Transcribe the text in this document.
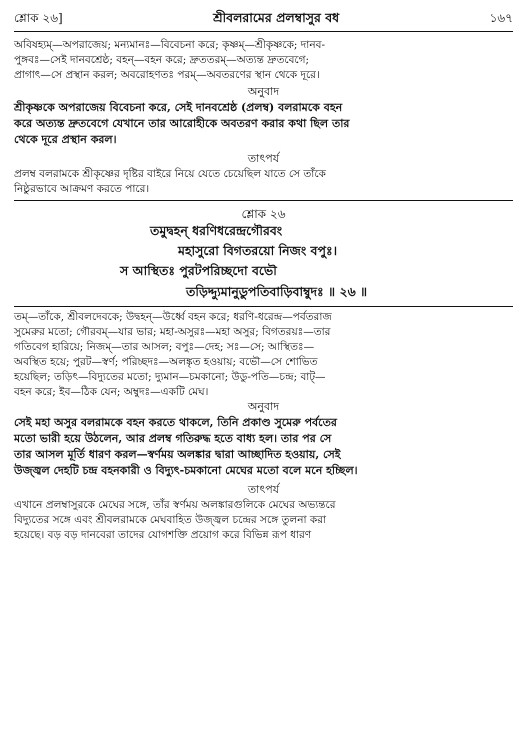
শ্লোক ২৬]	শ্রীবলরামের প্রলম্বাসুর বধ	১৬৭
অবিষহ্যম্—অপরাজেয়; মন্যমানঃ—বিবেচনা করে; কৃষ্ণম্—শ্রীকৃষ্ণকে; দানব-
পুঙ্গবঃ—সেই দানবশ্রেষ্ঠ; বহন্—বহন করে; দ্রুততরম্—অত্যন্ত দ্রুতবেগে;
প্রাগাৎ—সে প্রস্থান করল; অবরোহণতঃ পরম্—অবতরণের স্থান থেকে দূরে।
অনুবাদ
শ্রীকৃষ্ণকে অপরাজেয় বিবেচনা করে, সেই দানবশ্রেষ্ঠ (প্রলম্ব) বলরামকে বহন
করে অত্যন্ত দ্রুতবেগে যেখানে তার আরোহীকে অবতরণ করার কথা ছিল তার
থেকে দূরে প্রস্থান করল।
তাৎপর্য
প্রলম্ব বলরামকে শ্রীকৃষ্ণের দৃষ্টির বাইরে নিয়ে যেতে চেয়েছিল যাতে সে তাঁকে
নিষ্ঠুরভাবে আক্রমণ করতে পারে।
শ্লোক ২৬
তমুদ্বহন্ ধরণিধরেন্দ্রগৌরবং
মহাসুরো বিগতরয়ো নিজং বপুঃ।
স আস্থিতঃ পুরটপরিচ্ছদো বভৌ
তড়িদ্দ্যুমানুডুপতিবাড়িবাম্বুদঃ ॥ ২৬ ॥
তম্—তাঁকে, শ্রীবলদেবকে; উদ্বহন্—উর্ধ্বে বহন করে; ধরণি-ধরেন্দ্র—পর্বতরাজ
সুমেরুর মতো; গৌরবম্—যার ভার; মহা-অসুরঃ—মহা অসুর; বিগতরয়ঃ—তার
গতিবেগ হারিয়ে; নিজম্—তার আসল; বপুঃ—দেহ; সঃ—সে; আস্থিতঃ—
অবস্থিত হয়ে; পুরট—স্বর্ণ; পরিচ্ছদঃ—অলঙ্কৃত হওয়ায়; বভৌ—সে শোভিত
হয়েছিল; তড়িৎ—বিদ্যুতের মতো; দ্যুমান—চমকানো; উডু-পতি—চন্দ্র; বাট্—
বহন করে; ইব—ঠিক যেন; অম্বুদঃ—একটি মেঘ।
অনুবাদ
সেই মহা অসুর বলরামকে বহন করতে থাকলে, তিনি প্রকাণ্ড সুমেরু পর্বতের
মতো ভারী হয়ে উঠলেন, আর প্রলম্ব গতিরুদ্ধ হতে বাধ্য হল। তার পর সে
তার আসল মূর্তি ধারণ করল—স্বর্ণময় অলঙ্কার দ্বারা আচ্ছাদিত হওয়ায়, সেই
উজ্জ্বল দেহটি চন্দ্র বহনকারী ও বিদ্যুৎ-চমকানো মেঘের মতো বলে মনে হচ্ছিল।
তাৎপর্য
এখানে প্রলম্বাসুরকে মেঘের সঙ্গে, তাঁর স্বর্ণময় অলঙ্কারগুলিকে মেঘের অভ্যন্তরে
বিদ্যুতের সঙ্গে এবং শ্রীবলরামকে মেঘবাহিত উজ্জ্বল চন্দ্রের সঙ্গে তুলনা করা
হয়েছে। বড় বড় দানবেরা তাদের যোগশক্তি প্রয়োগ করে বিভিন্ন রূপ ধারণ
